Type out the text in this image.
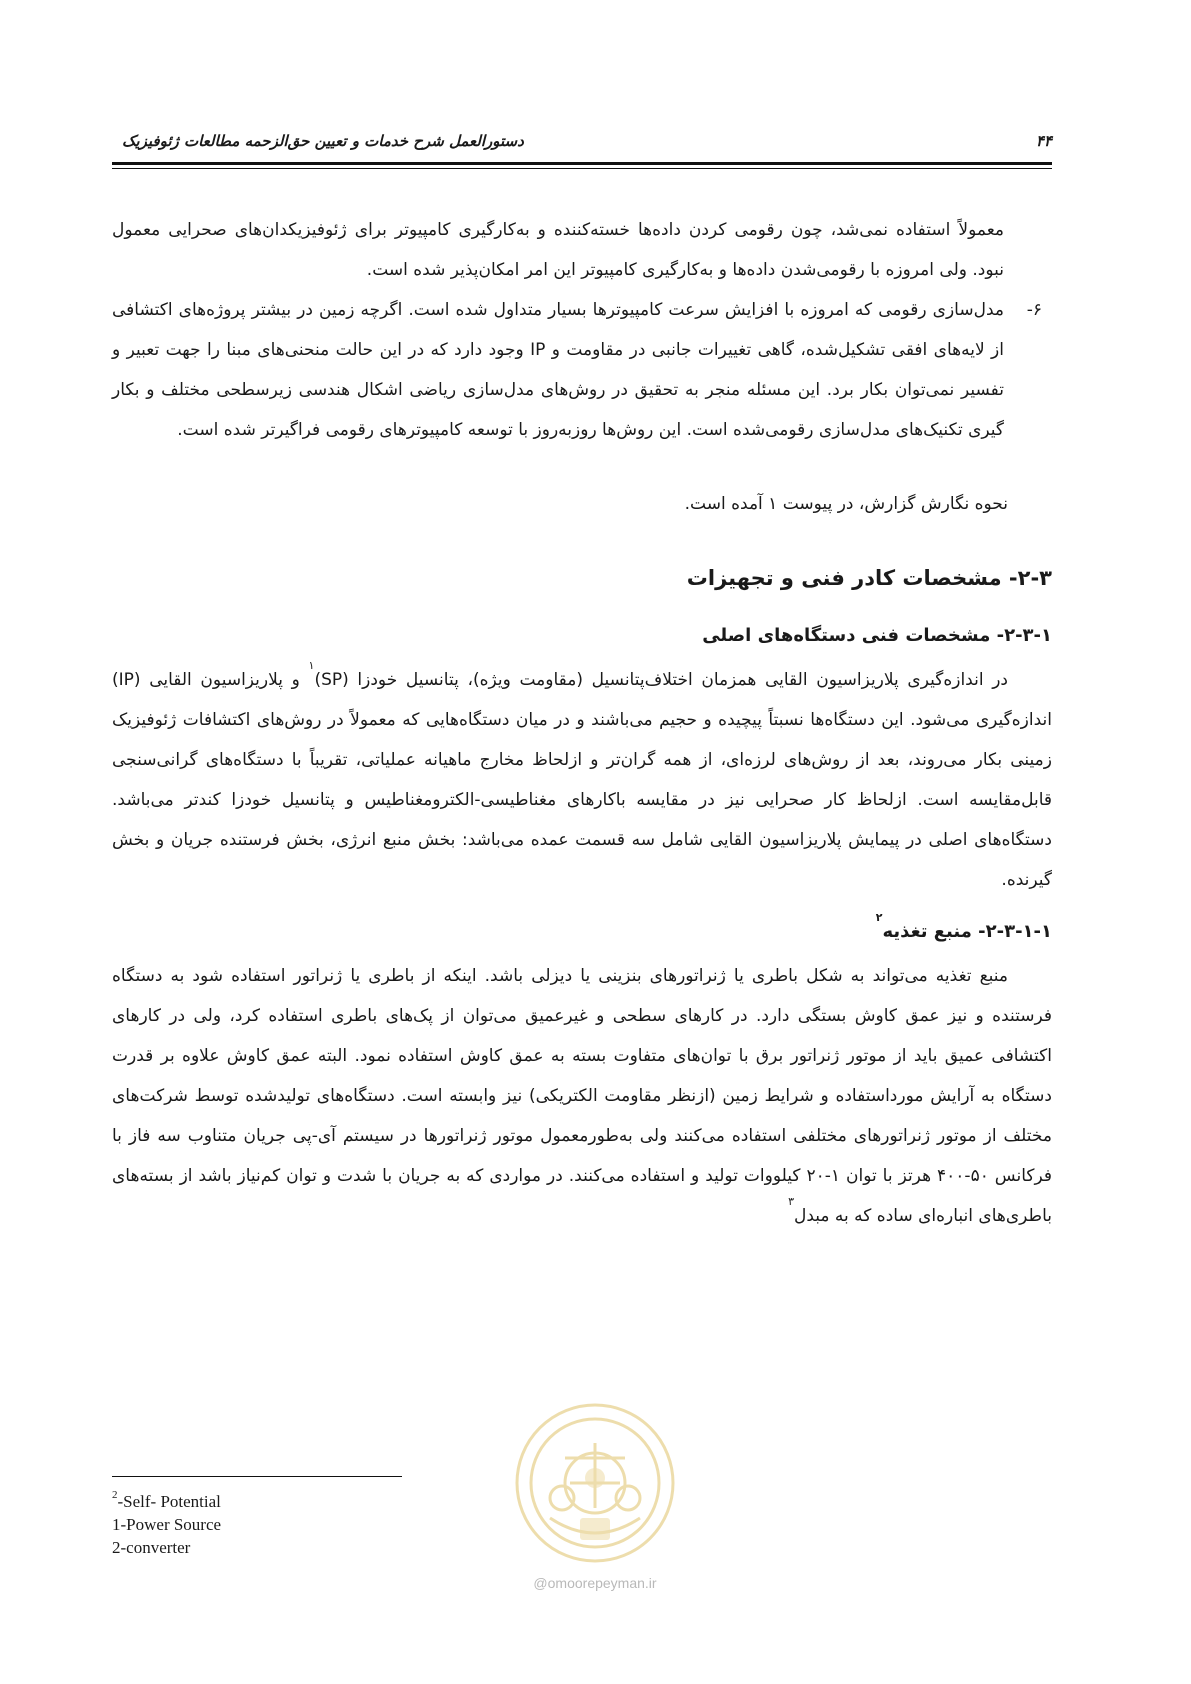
۴۴
دستورالعمل شرح خدمات و تعیین حق‌الزحمه مطالعات ژئوفیزیک

معمولاً استفاده نمی‌شد، چون رقومی کردن داده‌ها خسته‌کننده و به‌کارگیری کامپیوتر برای ژئوفیزیکدان‌های صحرایی معمول نبود. ولی امروزه با رقومی‌شدن داده‌ها و به‌کارگیری کامپیوتر این امر امکان‌پذیر شده است.

۶-

مدل‌سازی رقومی که امروزه با افزایش سرعت کامپیوترها بسیار متداول شده است. اگرچه زمین در بیشتر پروژه‌های اکتشافی از لایه‌های افقی تشکیل‌شده، گاهی تغییرات جانبی در مقاومت و IP وجود دارد که در این حالت منحنی‌های مبنا را جهت تعبیر و تفسیر نمی‌توان بکار برد. این مسئله منجر به تحقیق در روش‌های مدل‌سازی ریاضی اشکال هندسی زیرسطحی مختلف و بکار گیری تکنیک‌های مدل‌سازی رقومی‌شده است. این روش‌ها روزبه‌روز با توسعه کامپیوترهای رقومی فراگیرتر شده است.

نحوه نگارش گزارش، در پیوست ۱ آمده است.

۲-۳- مشخصات کادر فنی و تجهیزات
۲-۳-۱- مشخصات فنی دستگاه‌های اصلی

در اندازه‌گیری پلاریزاسیون القایی همزمان اختلاف‌پتانسیل (مقاومت ویژه)، پتانسیل خودزا (SP)$^۱$ و پلاریزاسیون القایی (IP) اندازه‌گیری می‌شود. این دستگاه‌ها نسبتاً پیچیده و حجیم می‌باشند و در میان دستگاه‌هایی که معمولاً در روش‌های اکتشافات ژئوفیزیک زمینی بکار می‌روند، بعد از روش‌های لرزه‌ای، از همه گران‌تر و ازلحاظ مخارج ماهیانه عملیاتی، تقریباً با دستگاه‌های گرانی‌سنجی قابل‌مقایسه است. ازلحاظ کار صحرایی نیز در مقایسه باکارهای مغناطیسی-الکترومغناطیس و پتانسیل خودزا کندتر می‌باشد. دستگاه‌های اصلی در پیمایش پلاریزاسیون القایی شامل سه قسمت عمده می‌باشد: بخش منبع انرژی، بخش فرستنده جریان و بخش گیرنده.

۲-۳-۱-۱- منبع تغذیه$^۲$

منبع تغذیه می‌تواند به شکل باطری یا ژنراتورهای بنزینی یا دیزلی باشد. اینکه از باطری یا ژنراتور استفاده شود به دستگاه فرستنده و نیز عمق کاوش بستگی دارد. در کارهای سطحی و غیرعمیق می‌توان از پک‌های باطری استفاده کرد، ولی در کارهای اکتشافی عمیق باید از موتور ژنراتور برق با توان‌های متفاوت بسته به عمق کاوش استفاده نمود. البته عمق کاوش علاوه بر قدرت دستگاه به آرایش مورداستفاده و شرایط زمین (ازنظر مقاومت الکتریکی) نیز وابسته است. دستگاه‌های تولیدشده توسط شرکت‌های مختلف از موتور ژنراتورهای مختلفی استفاده می‌کنند ولی به‌طورمعمول موتور ژنراتورها در سیستم آی-پی جریان متناوب سه فاز با فرکانس ۵۰-۴۰۰ هرتز با توان ۱-۲۰ کیلووات تولید و استفاده می‌کنند. در مواردی که به جریان با شدت و توان کم‌نیاز باشد از بسته‌های باطری‌های انباره‌ای ساده که به مبدل$^۳$

@omoorepeyman.ir
$^2$-Self- Potential
1-Power Source
2-converter
